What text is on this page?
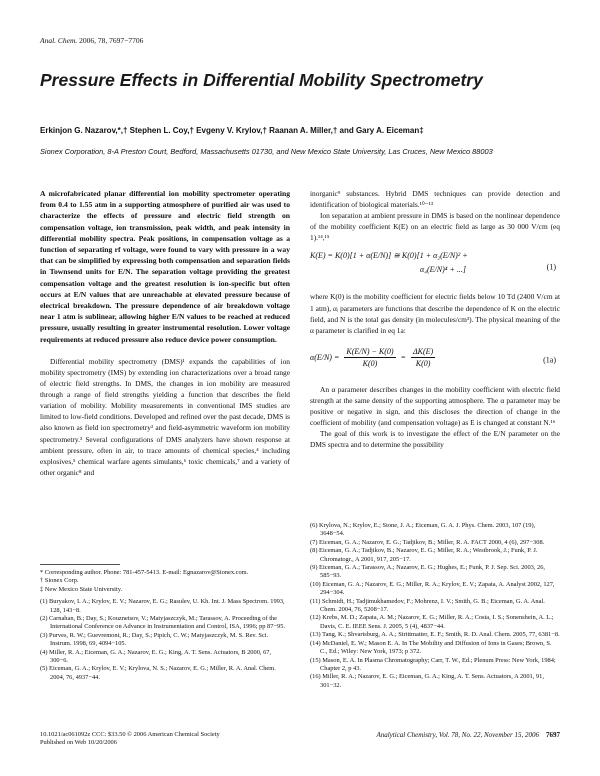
Anal. Chem. 2006, 78, 7697−7706
Pressure Effects in Differential Mobility Spectrometry
Erkinjon G. Nazarov,*,† Stephen L. Coy,† Evgeny V. Krylov,† Raanan A. Miller,† and Gary A. Eiceman‡
Sionex Corporation, 8-A Preston Court, Bedford, Massachusetts 01730, and New Mexico State University, Las Cruces, New Mexico 88003

A microfabricated planar differential ion mobility spectrometer operating from 0.4 to 1.55 atm in a supporting atmosphere of purified air was used to characterize the effects of pressure and electric field strength on compensation voltage, ion transmission, peak width, and peak intensity in differential mobility spectra. Peak positions, in compensation voltage as a function of separating rf voltage, were found to vary with pressure in a way that can be simplified by expressing both compensation and separation fields in Townsend units for E/N. The separation voltage providing the greatest compensation voltage and the greatest resolution is ion-specific but often occurs at E/N values that are unreachable at elevated pressure because of electrical breakdown. The pressure dependence of air breakdown voltage near 1 atm is sublinear, allowing higher E/N values to be reached at reduced pressure, usually resulting in greater instrumental resolution. Lower voltage requirements at reduced pressure also reduce device power consumption.

Differential mobility spectrometry (DMS)¹ expands the capabilities of ion mobility spectrometry (IMS) by extending ion characterizations over a broad range of electric field strengths. In DMS, the changes in ion mobility are measured through a range of field strengths yielding a function that describes the field variation of mobility. Mobility measurements in conventional IMS studies are limited to low-field conditions. Developed and refined over the past decade, DMS is also known as field ion spectrometry² and field-asymmetric waveform ion mobility spectrometry.³ Several configurations of DMS analyzers have shown response at ambient pressure, often in air, to trace amounts of chemical species,⁴ including explosives,⁵ chemical warfare agents simulants,⁶ toxic chemicals,⁷ and a variety of other organic⁸ and

* Corresponding author. Phone: 781-457-5413. E-mail: Egnazarov@Sionex.com.
† Sionex Corp.
‡ New Mexico State University.
(1) Buryakov, I. A.; Krylov, E. V.; Nazarov, E. G.; Rasulev, U. Kh. Int. J. Mass Spectrom. 1993, 128, 143−8.
(2) Carnahan, B.; Day, S.; Kouznetsov, V.; Matyjaszczyk, M.; Tarassov, A. Proceeding of the International Conference on Advance in Instrumentation and Control, ISA, 1996; pp 87−95.
(3) Purves, R. W.; Guevremont, R.; Day, S.; Pipich, C. W.; Matyjaszczyk, M. S. Rev. Sci. Instrum. 1998, 69, 4094−105.
(4) Miller, R. A.; Eiceman, G. A.; Nazarov, E. G.; King, A. T. Sens. Actuators, B 2000, 67, 300−6.
(5) Eiceman, G. A.; Krylov, E. V.; Krylova, N. S.; Nazarov, E. G.; Miller, R. A. Anal. Chem. 2004, 76, 4937−44.

inorganic⁹ substances. Hybrid DMS techniques can provide detection and identification of biological materials.¹⁰⁻¹³

Ion separation at ambient pressure in DMS is based on the nonlinear dependence of the mobility coefficient K(E) on an electric field as large as 30 000 V/cm (eq 1).¹⁴,¹⁵

K(E) = K(0)[1 + α(E/N)] ≅ K(0)[1 + α₂(E/N)² +
α₄(E/N)⁴ + ...]	(1)

where K(0) is the mobility coefficient for electric fields below 10 Td (2400 V/cm at 1 atm), αᵢ parameters are functions that describe the dependence of K on the electric field, and N is the total gas density (in molecules/cm³). The physical meaning of the α parameter is clarified in eq 1a:

$\alpha(E/N) = \frac{K(E/N) - K(0)}{K(0)} = \frac{\Delta K(E)}{K(0)}$	(1a)

An α parameter describes changes in the mobility coefficient with electric field strength at the same density of the supporting atmosphere. The α parameter may be positive or negative in sign, and this discloses the direction of change in the coefficient of mobility (and compensation voltage) as E is changed at constant N.¹⁶

The goal of this work is to investigate the effect of the E/N parameter on the DMS spectra and to determine the possibility

(6) Krylova, N.; Krylov, E.; Stone, J. A.; Eiceman, G. A. J. Phys. Chem. 2003, 107 (19), 3648−54.
(7) Eiceman, G. A.; Nazarov, E. G.; Tadjikov, B.; Miller, R. A. FACT 2000, 4 (6), 297−308.
(8) Eiceman, G. A.; Tadjikov, B.; Nazarov, E. G.; Miller, R. A.; Westbrook, J.; Funk, P. J. Chromatogr., A 2001, 917, 205−17.
(9) Eiceman, G. A.; Tarassov, A.; Nazarov, E. G.; Hughes, E.; Funk, P. J. Sep. Sci. 2003, 26, 585−93.
(10) Eiceman, G. A.; Nazarov, E. G.; Miller, R. A.; Krylov, E. V.; Zapata, A. Analyst 2002, 127, 294−304.
(11) Schmidt, H.; Tadjimukhamedov, F.; Mohrenz, I. V.; Smith, G. B.; Eiceman, G. A. Anal. Chem. 2004, 76, 5208−17.
(12) Krebs, M. D.; Zapata, A. M.; Nazarov, E. G.; Miller, R. A.; Costa, I. S.; Sonenshein, A. L.; Davis, C. E. IEEE Sens. J. 2005, 5 (4), 4837−44.
(13) Tang, K.; Shvartsburg, A. A.; Strittmatter, E. F.; Smith, R. D. Anal. Chem. 2005, 77, 6381−8.
(14) McDaniel, E. W.; Mason E. A. In The Mobility and Diffusion of Ions in Gases; Brown, S. C., Ed.; Wiley: New York, 1973; p 372.
(15) Mason, E. A. In Plasma Chromatography; Carr, T. W., Ed.; Plenum Press: New York, 1984; Chapter 2, p 43.
(16) Miller, R. A.; Nazarov, E. G.; Eiceman, G. A.; King, A. T. Sens. Actuators, A 2001, 91, 301−32.
10.1021/ac061092z CCC: $33.50 © 2006 American Chemical Society
Published on Web 10/20/2006
Analytical Chemistry, Vol. 78, No. 22, November 15, 2006 7697
